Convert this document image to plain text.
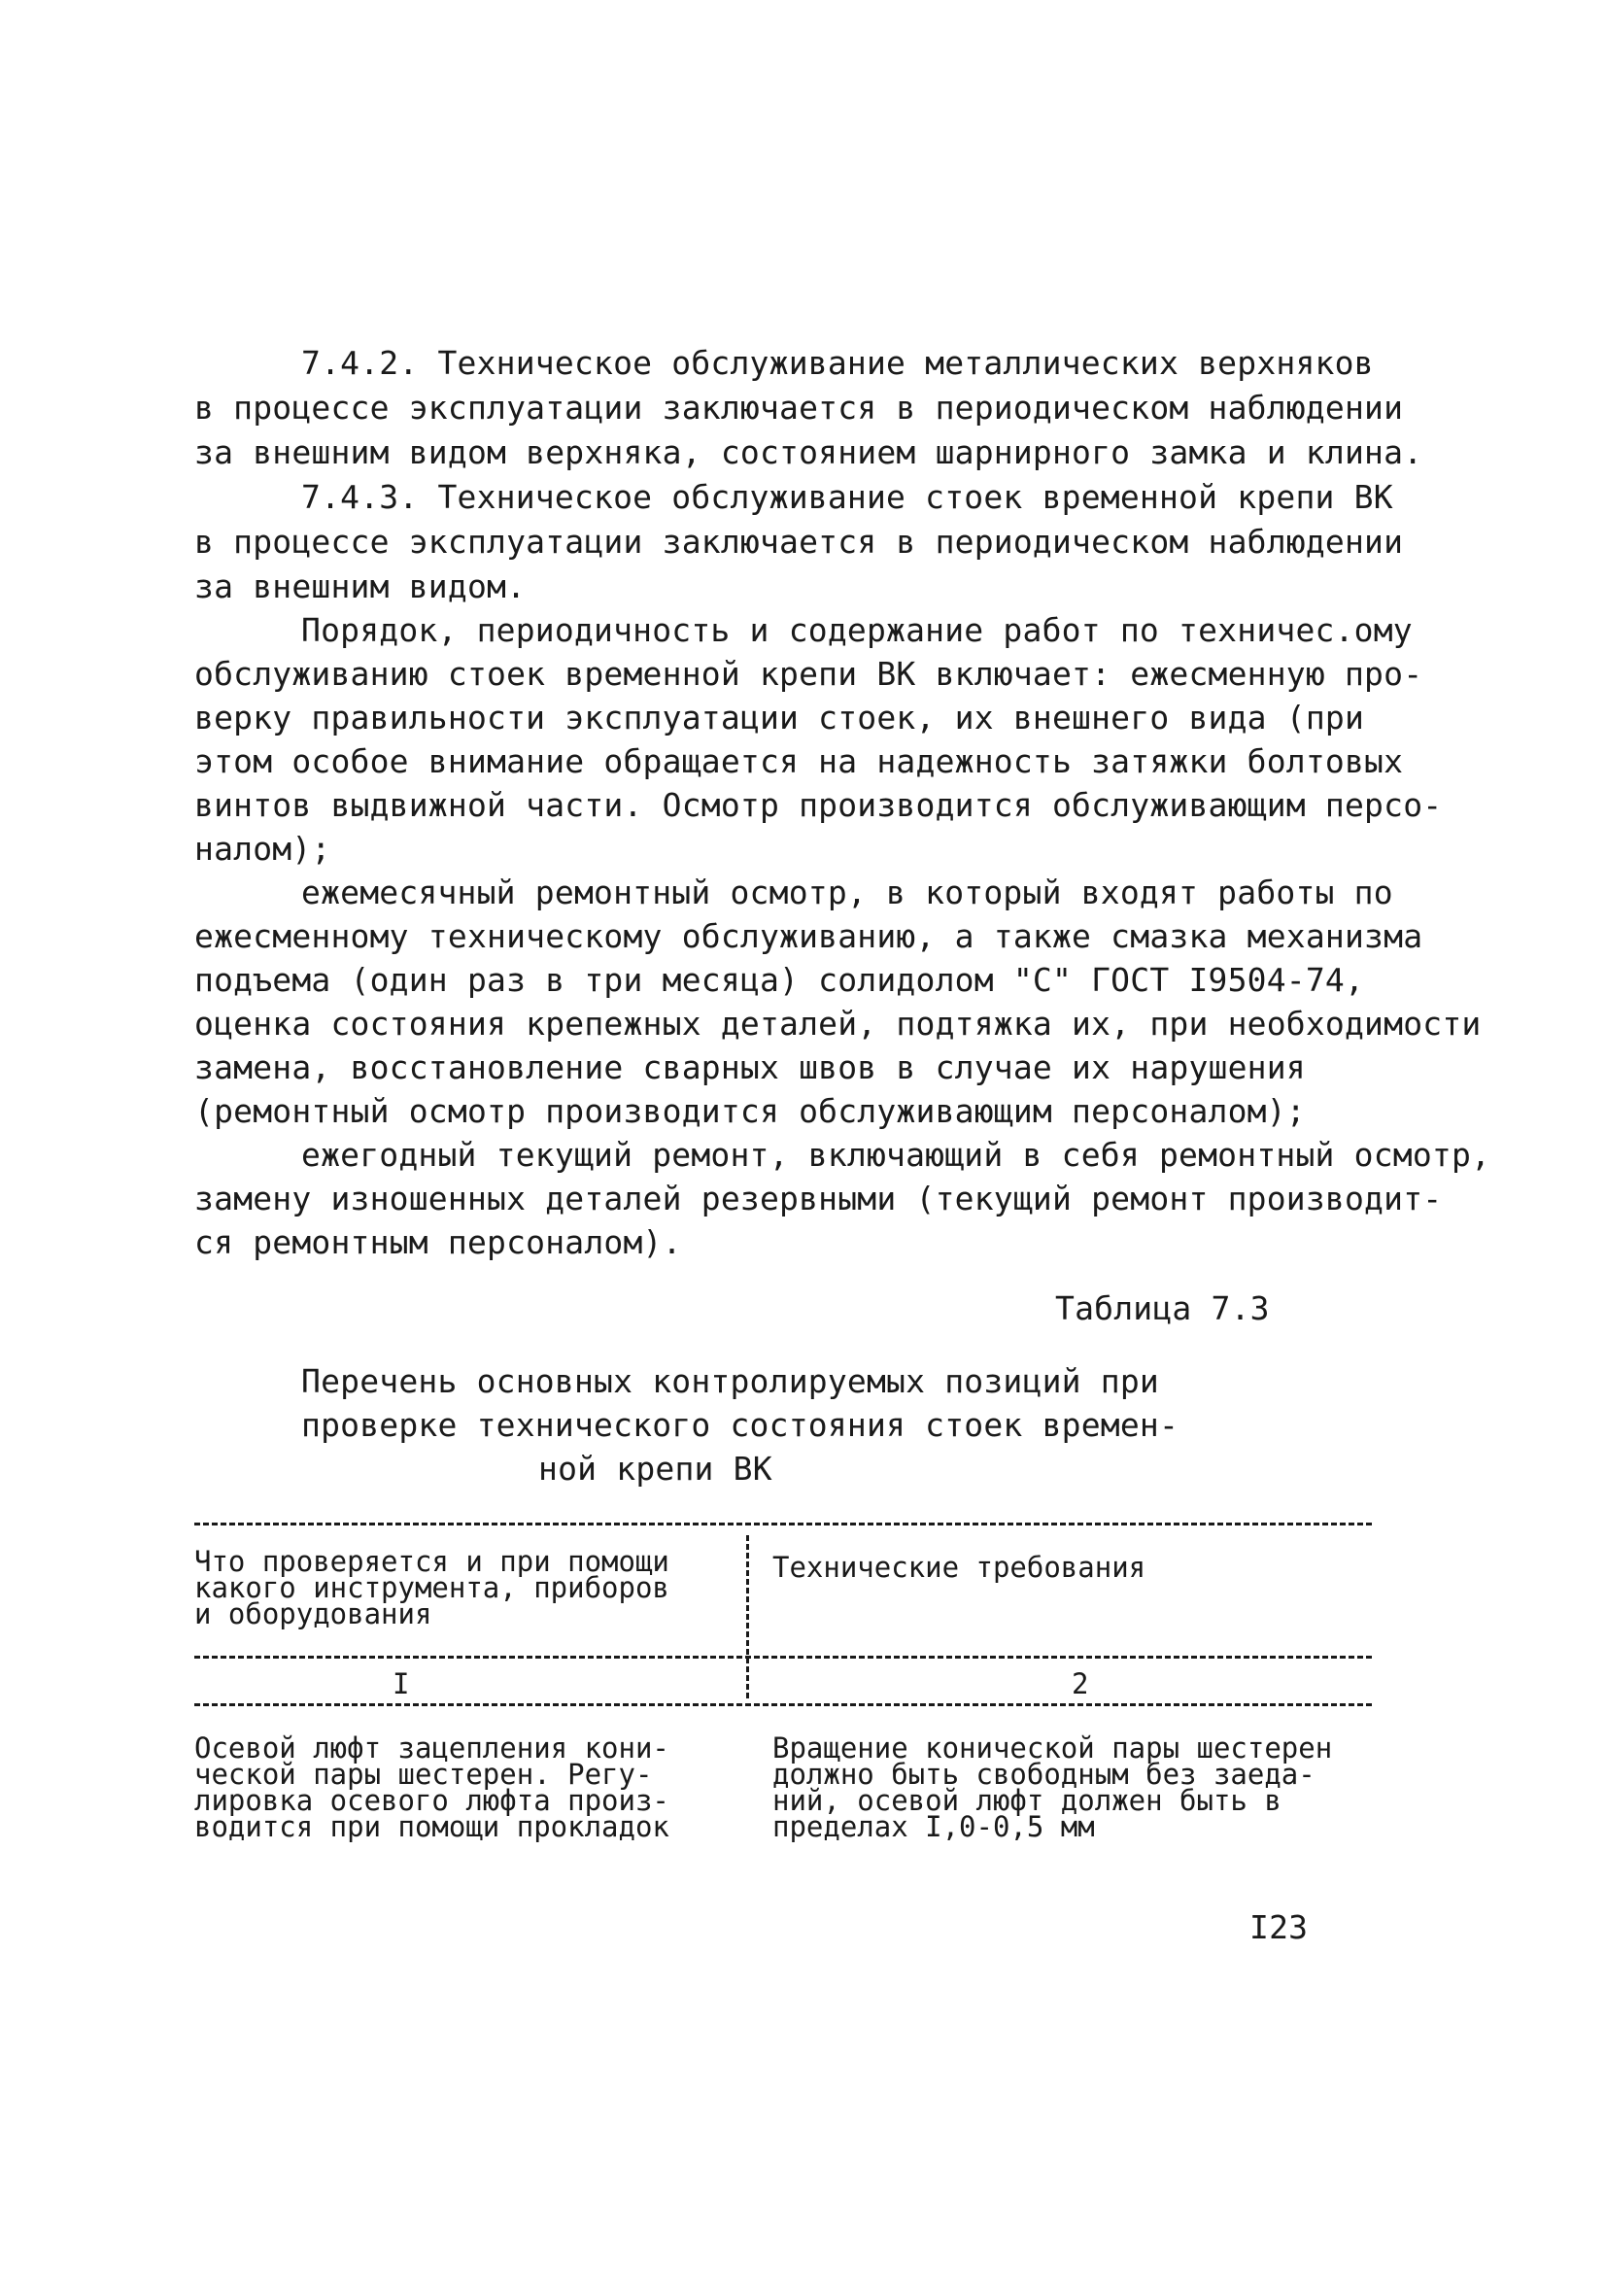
7.4.2. Техническое обслуживание металлических верхняков
в процессе эксплуатации заключается в периодическом наблюдении
за внешним видом верхняка, состоянием шарнирного замка и клина.
7.4.3. Техническое обслуживание стоек временной крепи ВК
в процессе эксплуатации заключается в периодическом наблюдении
за внешним видом.
Порядок, периодичность и содержание работ по техничес.ому
обслуживанию стоек временной крепи ВК включает: ежесменную про-
верку правильности эксплуатации стоек, их внешнего вида (при
этом особое внимание обращается на надежность затяжки болтовых
винтов выдвижной части. Осмотр производится обслуживающим персо-
налом);
ежемесячный ремонтный осмотр, в который входят работы по
ежесменному техническому обслуживанию, а также смазка механизма
подъема (один раз в три месяца) солидолом "С" ГОСТ I9504-74,
оценка состояния крепежных деталей, подтяжка их, при необходимости
замена, восстановление сварных швов в случае их нарушения
(ремонтный осмотр производится обслуживающим персоналом);
ежегодный текущий ремонт, включающий в себя ремонтный осмотр,
замену изношенных деталей резервными (текущий ремонт производит-
ся ремонтным персоналом).
Таблица 7.3
Перечень основных контролируемых позиций при
проверке технического состояния стоек времен-
ной крепи ВК
Что проверяется и при помощи
какого инструмента, приборов
и оборудования
Технические требования
I	2
Осевой люфт зацепления кони-
ческой пары шестерен. Регу-
лировка осевого люфта произ-
водится при помощи прокладок
Вращение конической пары шестерен
должно быть свободным без заеда-
ний, осевой люфт должен быть в
пределах I,0-0,5 мм
I23
